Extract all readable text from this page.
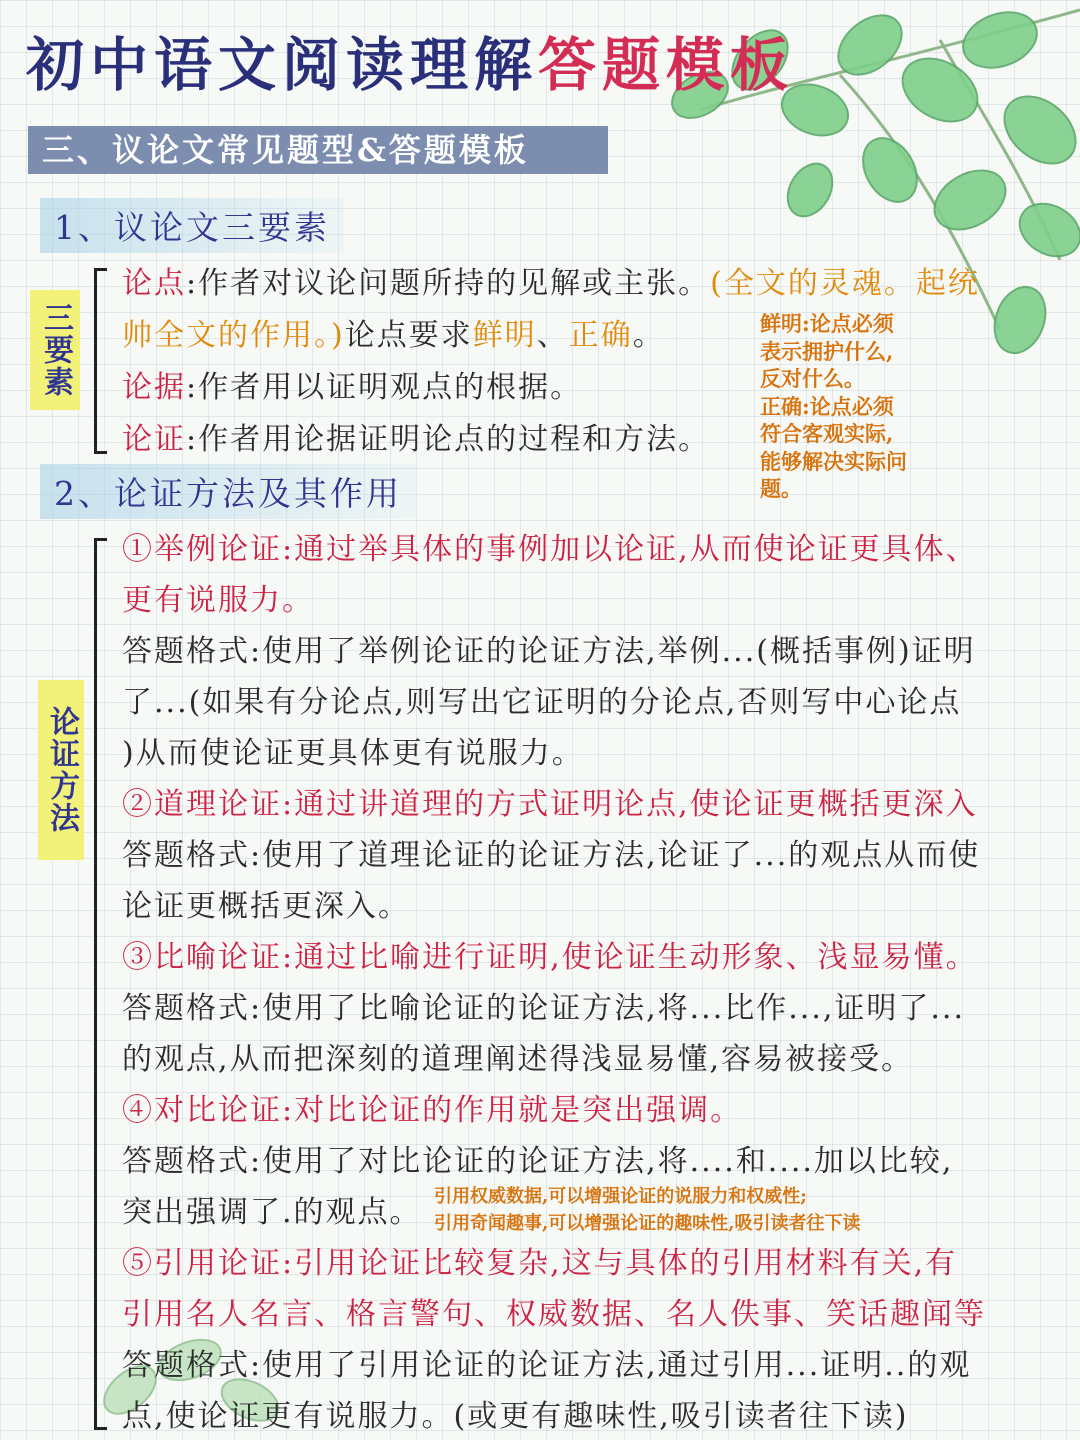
初中语文阅读理解答题模板
三、议论文常见题型&答题模板
1、议论文三要素
三要素
论点:作者对议论问题所持的见解或主张。(全文的灵魂。起统
帅全文的作用。)论点要求鲜明、正确。
论据:作者用以证明观点的根据。
论证:作者用论据证明论点的过程和方法。
鲜明:论点必须
表示拥护什么,
反对什么。
正确:论点必须
符合客观实际,
能够解决实际问
题。
2、论证方法及其作用
论证方法
①举例论证:通过举具体的事例加以论证,从而使论证更具体、
更有说服力。
答题格式:使用了举例论证的论证方法,举例...(概括事例)证明
了...(如果有分论点,则写出它证明的分论点,否则写中心论点
)从而使论证更具体更有说服力。
②道理论证:通过讲道理的方式证明论点,使论证更概括更深入
答题格式:使用了道理论证的论证方法,论证了...的观点从而使
论证更概括更深入。
③比喻论证:通过比喻进行证明,使论证生动形象、浅显易懂。
答题格式:使用了比喻论证的论证方法,将...比作...,证明了...
的观点,从而把深刻的道理阐述得浅显易懂,容易被接受。
④对比论证:对比论证的作用就是突出强调。
答题格式:使用了对比论证的论证方法,将....和....加以比较,
突出强调了.的观点。
⑤引用论证:引用论证比较复杂,这与具体的引用材料有关,有
引用名人名言、格言警句、权威数据、名人佚事、笑话趣闻等
答题格式:使用了引用论证的论证方法,通过引用...证明..的观
点,使论证更有说服力。(或更有趣味性,吸引读者往下读)
引用权威数据,可以增强论证的说服力和权威性;
引用奇闻趣事,可以增强论证的趣味性,吸引读者往下读
